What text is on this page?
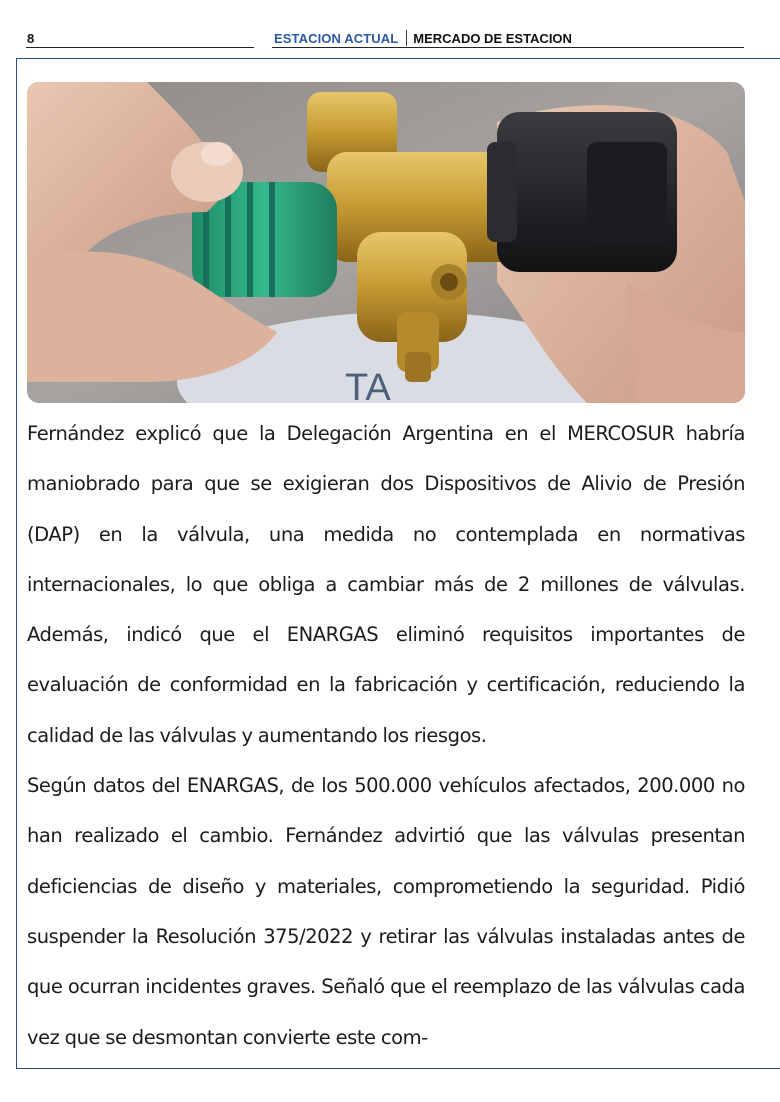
8	ESTACION ACTUAL MERCADO DE ESTACION
TA

Fernández explicó que la Delegación Argentina en el MERCOSUR habría maniobrado para que se exigieran dos Dispositivos de Alivio de Presión (DAP) en la válvula, una medida no contemplada en normativas internacionales, lo que obliga a cambiar más de 2 millones de válvulas. Además, indicó que el ENARGAS eliminó requisitos importantes de evaluación de conformidad en la fabricación y certificación, reduciendo la calidad de las válvulas y aumentando los riesgos.

Según datos del ENARGAS, de los 500.000 vehículos afectados, 200.000 no han realizado el cambio. Fernández advirtió que las válvulas presentan deficiencias de diseño y materiales, comprometiendo la seguridad. Pidió suspender la Resolución 375/2022 y retirar las válvulas instaladas antes de que ocurran incidentes graves. Señaló que el reemplazo de las válvulas cada vez que se desmontan convierte este com-
